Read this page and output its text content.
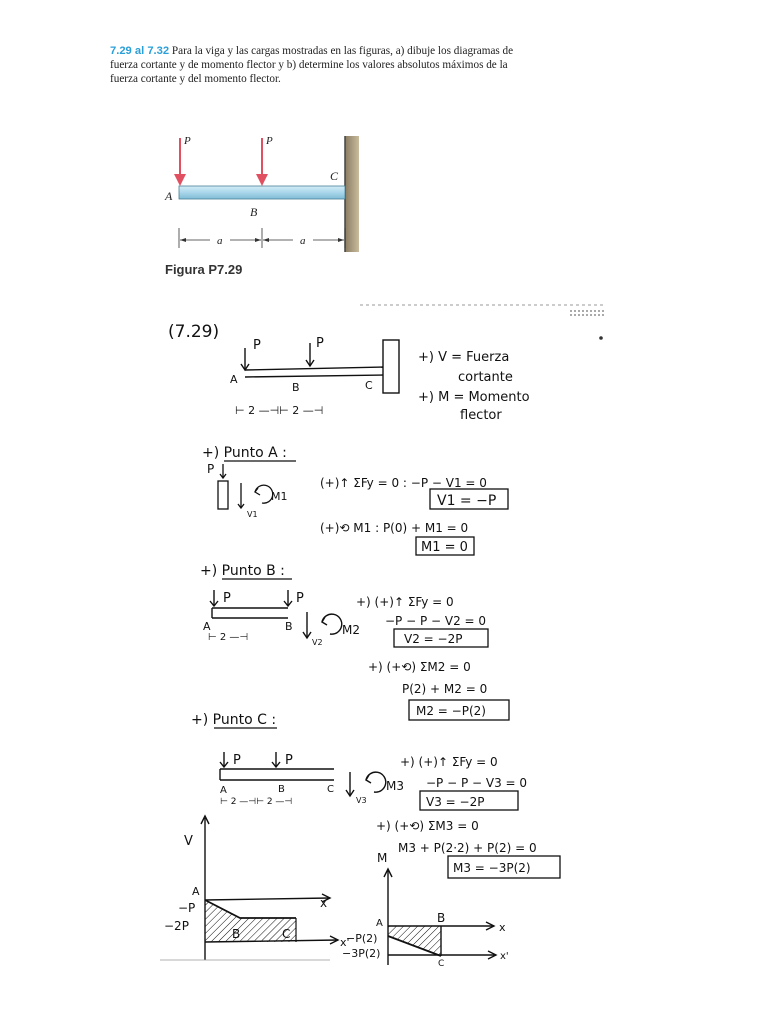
7.29 al 7.32 Para la viga y las cargas mostradas en las figuras, a) dibuje los diagramas de fuerza cortante y de momento flector y b) determine los valores absolutos máximos de la fuerza cortante y del momento flector.
P	P
A
B
C
a	a
Figura P7.29
(7.29)
P	P
A
B	C
⊢ 2 —⊣⊢ 2 —⊣
+) V = Fuerza
cortante
+) M = Momento
flector
+) Punto A :
P
V1
M1
(+)↑ ΣFy = 0 : −P − V1 = 0
V1 = −P
(+)⟲ M1 : P(0) + M1 = 0
M1 = 0
+) Punto B :
P	P
A	B
⊢ 2 —⊣	V2
M2
+) (+)↑ ΣFy = 0
−P − P − V2 = 0
V2 = −2P
+) (+⟲) ΣM2 = 0
P(2) + M2 = 0
M2 = −P(2)
+) Punto C :
P	P
A	B	C
⊢ 2 —⊣⊢ 2 —⊣	V3
M3
+) (+)↑ ΣFy = 0
−P − P − V3 = 0
V3 = −2P
+) (+⟲) ΣM3 = 0
M3 + P(2·2) + P(2) = 0
M3 = −3P(2)
V
x
x'
A
−P
−2P
B	C
M
x
x'
A	B
C
−P(2)
−3P(2)
